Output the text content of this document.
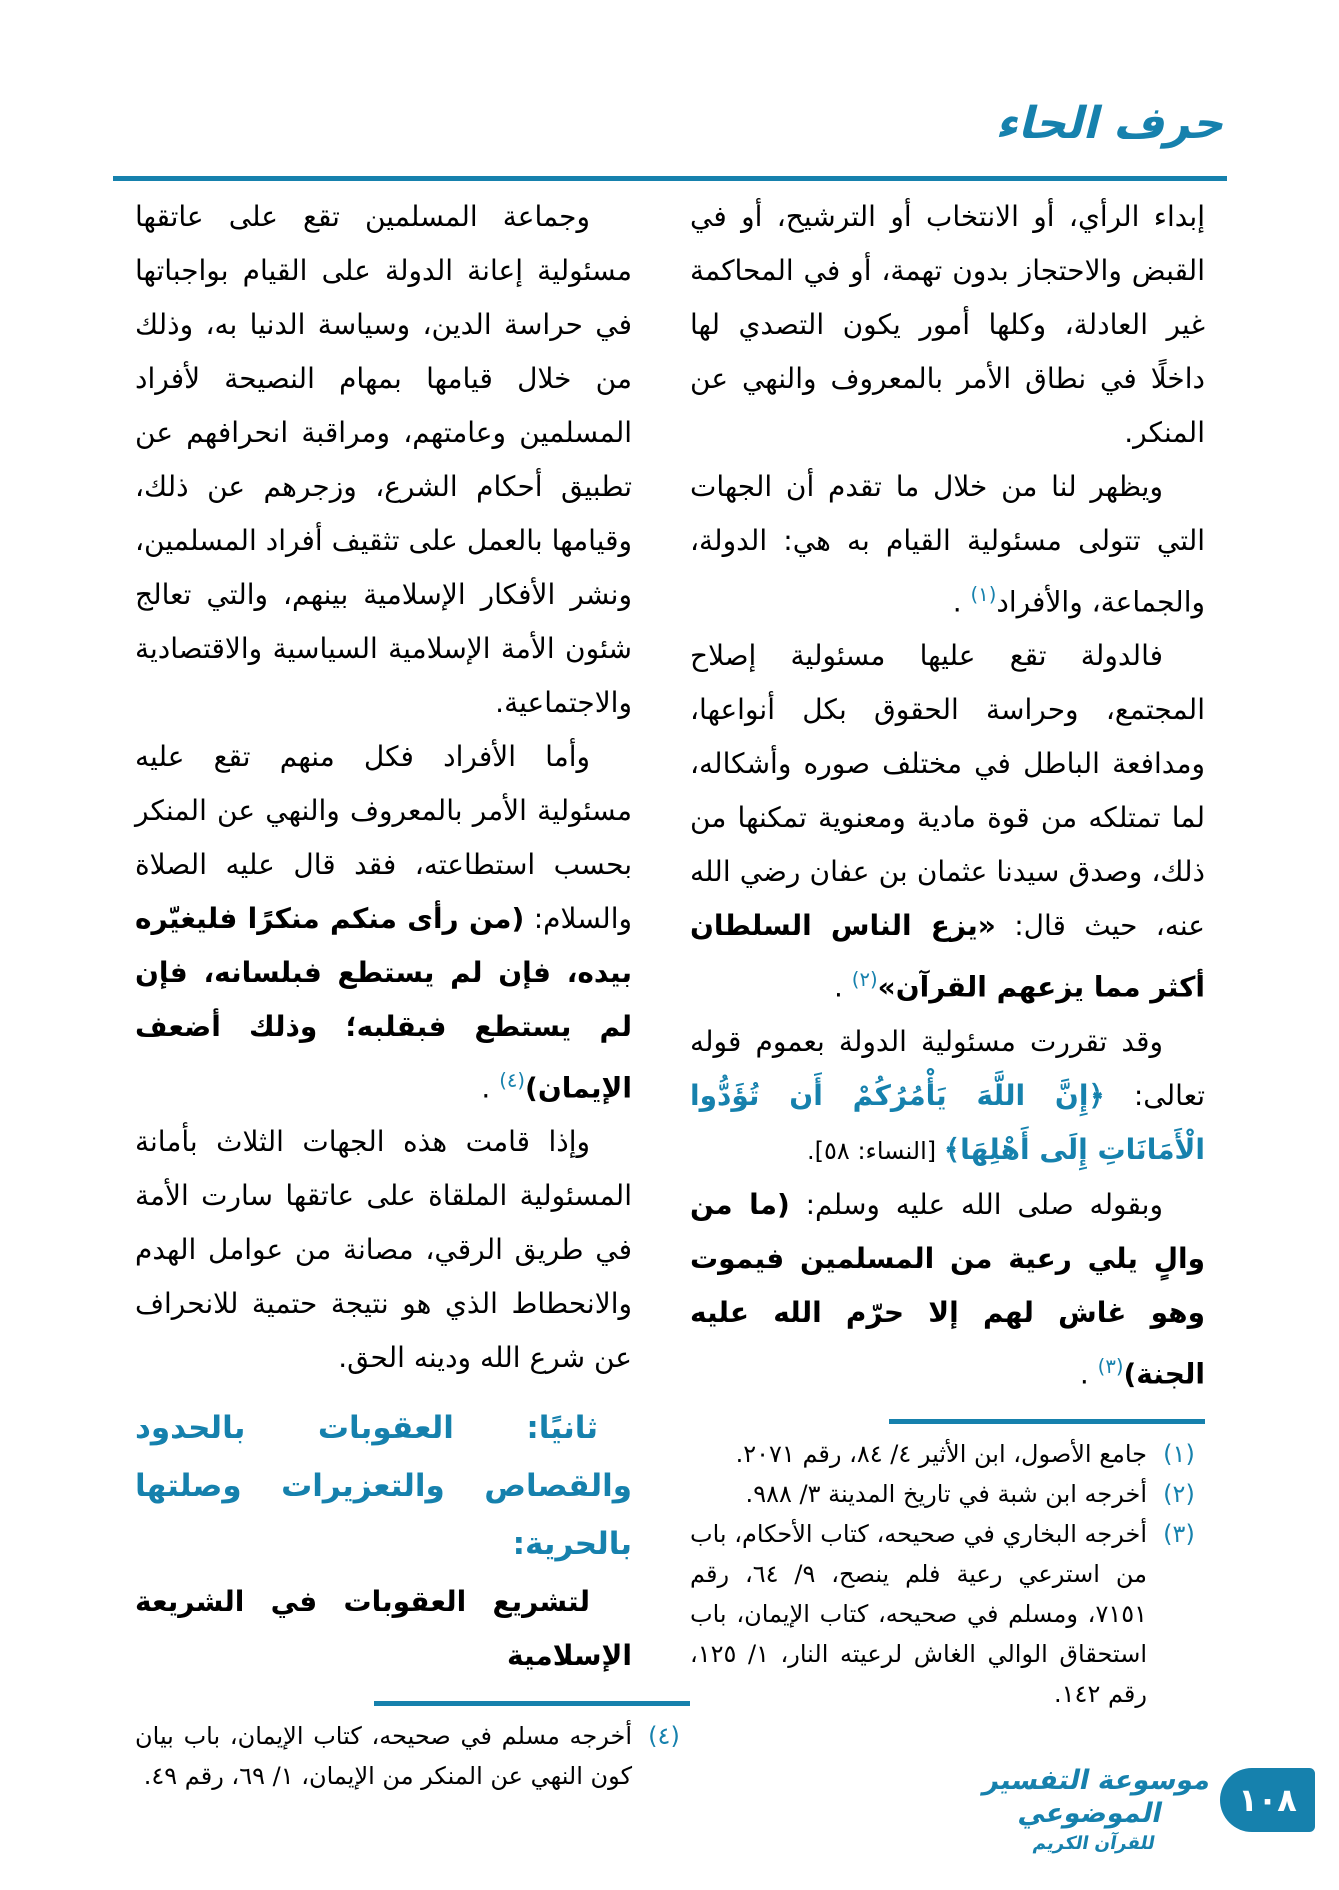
حرف الحاء

إبداء الرأي، أو الانتخاب أو الترشيح، أو في القبض والاحتجاز بدون تهمة، أو في المحاكمة غير العادلة، وكلها أمور يكون التصدي لها داخلًا في نطاق الأمر بالمعروف والنهي عن المنكر.

ويظهر لنا من خلال ما تقدم أن الجهات التي تتولى مسئولية القيام به هي: الدولة، والجماعة، والأفراد$^{(١)}$ .

فالدولة تقع عليها مسئولية إصلاح المجتمع، وحراسة الحقوق بكل أنواعها، ومدافعة الباطل في مختلف صوره وأشكاله، لما تمتلكه من قوة مادية ومعنوية تمكنها من ذلك، وصدق سيدنا عثمان بن عفان رضي الله عنه، حيث قال: «يزع الناس السلطان أكثر مما يزعهم القرآن»$^{(٢)}$ .

وقد تقررت مسئولية الدولة بعموم قوله تعالى: ﴿إِنَّ اللَّهَ يَأْمُرُكُمْ أَن تُؤَدُّوا الْأَمَانَاتِ إِلَى أَهْلِهَا﴾ [النساء: ٥٨].

وبقوله صلى الله عليه وسلم: (ما من والٍ يلي رعية من المسلمين فيموت وهو غاش لهم إلا حرّم الله عليه الجنة)$^{(٣)}$ .

(١)
جامع الأصول، ابن الأثير ٤/ ٨٤، رقم ٢٠٧١.
(٢)
أخرجه ابن شبة في تاريخ المدينة ٣/ ٩٨٨.
(٣)
أخرجه البخاري في صحيحه، كتاب الأحكام، باب من استرعي رعية فلم ينصح، ٩/ ٦٤، رقم ٧١٥١، ومسلم في صحيحه، كتاب الإيمان، باب استحقاق الوالي الغاش لرعيته النار، ١/ ١٢٥، رقم ١٤٢.

وجماعة المسلمين تقع على عاتقها مسئولية إعانة الدولة على القيام بواجباتها في حراسة الدين، وسياسة الدنيا به، وذلك من خلال قيامها بمهام النصيحة لأفراد المسلمين وعامتهم، ومراقبة انحرافهم عن تطبيق أحكام الشرع، وزجرهم عن ذلك، وقيامها بالعمل على تثقيف أفراد المسلمين، ونشر الأفكار الإسلامية بينهم، والتي تعالج شئون الأمة الإسلامية السياسية والاقتصادية والاجتماعية.

وأما الأفراد فكل منهم تقع عليه مسئولية الأمر بالمعروف والنهي عن المنكر بحسب استطاعته، فقد قال عليه الصلاة والسلام: (من رأى منكم منكرًا فليغيّره بيده، فإن لم يستطع فبلسانه، فإن لم يستطع فبقلبه؛ وذلك أضعف الإيمان)$^{(٤)}$ .

وإذا قامت هذه الجهات الثلاث بأمانة المسئولية الملقاة على عاتقها سارت الأمة في طريق الرقي، مصانة من عوامل الهدم والانحطاط الذي هو نتيجة حتمية للانحراف عن شرع الله ودينه الحق.

ثانيًا: العقوبات بالحدود والقصاص والتعزيرات وصلتها بالحرية:

لتشريع العقوبات في الشريعة الإسلامية

(٤)
أخرجه مسلم في صحيحه، كتاب الإيمان، باب بيان كون النهي عن المنكر من الإيمان، ١/ ٦٩، رقم ٤٩.	موسوعة التفسير الموضوعي
للقرآن الكريم
١٠٨
